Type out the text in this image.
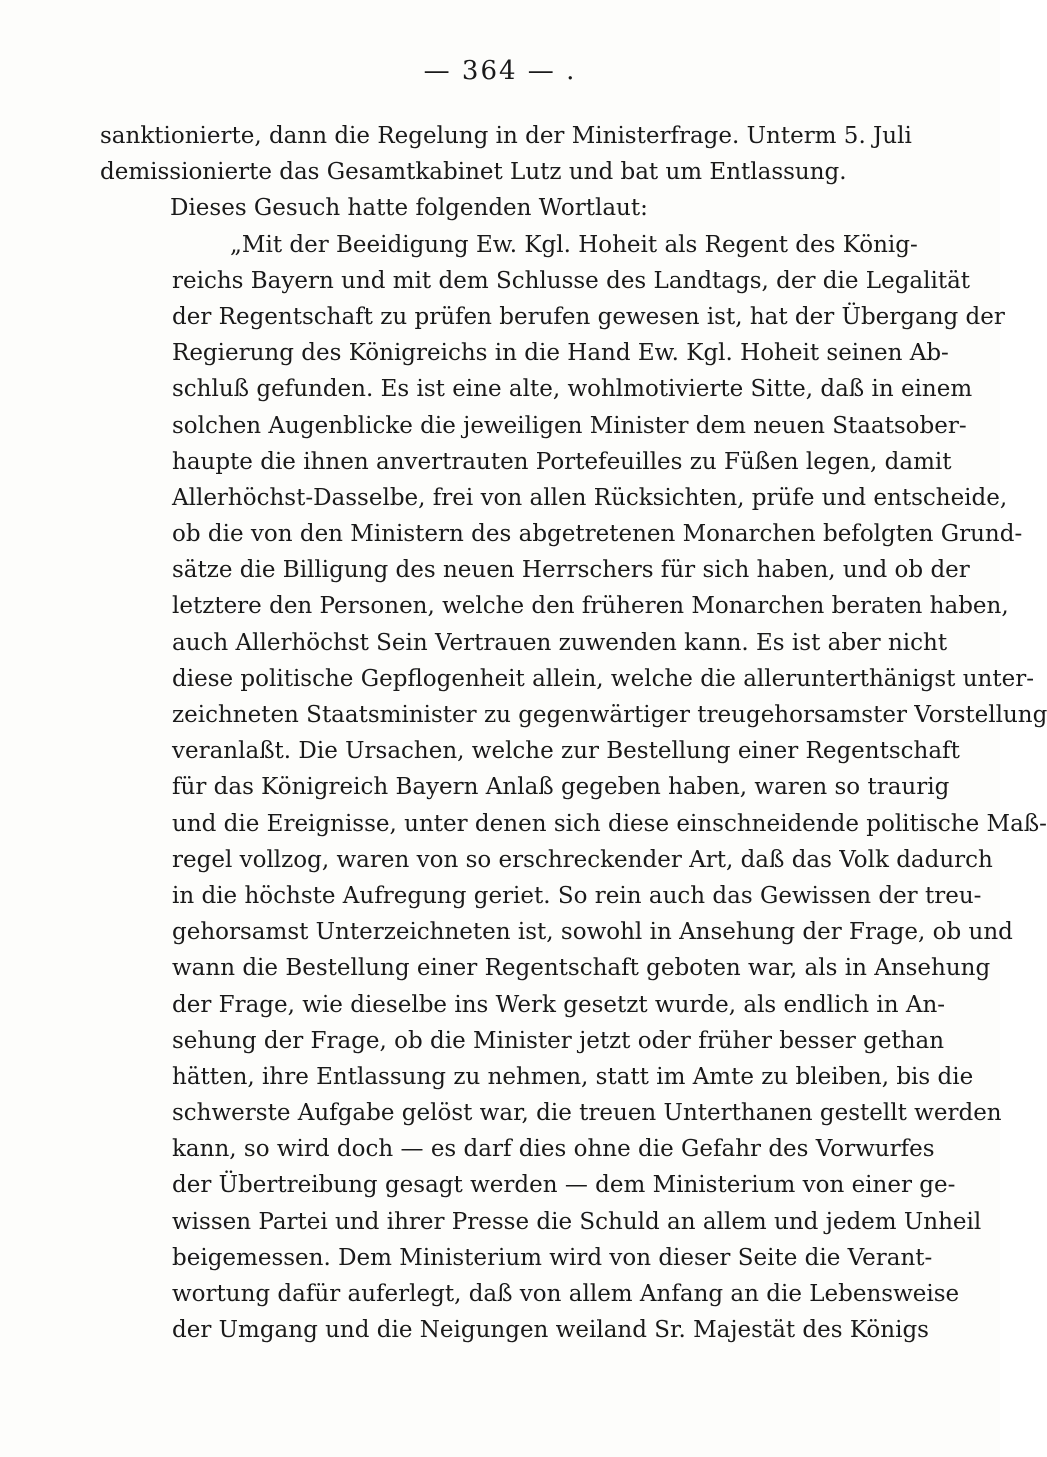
— 364 — .
sanktionierte, dann die Regelung in der Ministerfrage. Unterm 5. Juli
demissionierte das Gesamtkabinet Lutz und bat um Entlassung.
Dieses Gesuch hatte folgenden Wortlaut:
„Mit der Beeidigung Ew. Kgl. Hoheit als Regent des König-
reichs Bayern und mit dem Schlusse des Landtags, der die Legalität
der Regentschaft zu prüfen berufen gewesen ist, hat der Übergang der
Regierung des Königreichs in die Hand Ew. Kgl. Hoheit seinen Ab-
schluß gefunden. Es ist eine alte, wohlmotivierte Sitte, daß in einem
solchen Augenblicke die jeweiligen Minister dem neuen Staatsober-
haupte die ihnen anvertrauten Portefeuilles zu Füßen legen, damit
Allerhöchst-Dasselbe, frei von allen Rücksichten, prüfe und entscheide,
ob die von den Ministern des abgetretenen Monarchen befolgten Grund-
sätze die Billigung des neuen Herrschers für sich haben, und ob der
letztere den Personen, welche den früheren Monarchen beraten haben,
auch Allerhöchst Sein Vertrauen zuwenden kann. Es ist aber nicht
diese politische Gepflogenheit allein, welche die allerunterthänigst unter-
zeichneten Staatsminister zu gegenwärtiger treugehorsamster Vorstellung
veranlaßt. Die Ursachen, welche zur Bestellung einer Regentschaft
für das Königreich Bayern Anlaß gegeben haben, waren so traurig
und die Ereignisse, unter denen sich diese einschneidende politische Maß-
regel vollzog, waren von so erschreckender Art, daß das Volk dadurch
in die höchste Aufregung geriet. So rein auch das Gewissen der treu-
gehorsamst Unterzeichneten ist, sowohl in Ansehung der Frage, ob und
wann die Bestellung einer Regentschaft geboten war, als in Ansehung
der Frage, wie dieselbe ins Werk gesetzt wurde, als endlich in An-
sehung der Frage, ob die Minister jetzt oder früher besser gethan
hätten, ihre Entlassung zu nehmen, statt im Amte zu bleiben, bis die
schwerste Aufgabe gelöst war, die treuen Unterthanen gestellt werden
kann, so wird doch — es darf dies ohne die Gefahr des Vorwurfes
der Übertreibung gesagt werden — dem Ministerium von einer ge-
wissen Partei und ihrer Presse die Schuld an allem und jedem Unheil
beigemessen. Dem Ministerium wird von dieser Seite die Verant-
wortung dafür auferlegt, daß von allem Anfang an die Lebensweise
der Umgang und die Neigungen weiland Sr. Majestät des Königs
